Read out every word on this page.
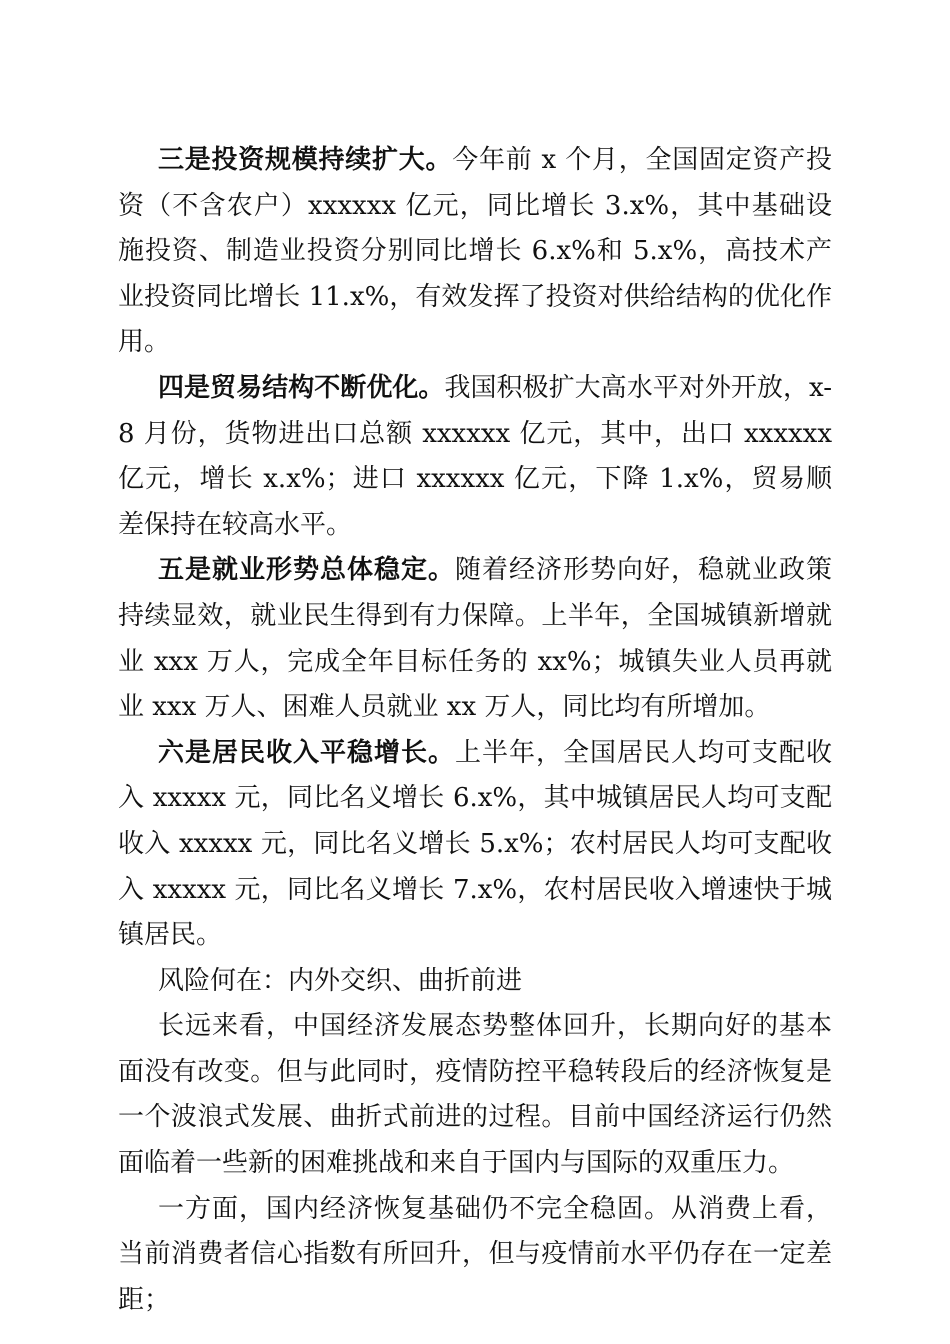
三是投资规模持续扩大。今年前 x 个月，全国固定资产投资（不含农户）xxxxxx 亿元，同比增长 3.x%，其中基础设施投资、制造业投资分别同比增长 6.x%和 5.x%，高技术产业投资同比增长 11.x%，有效发挥了投资对供给结构的优化作用。

四是贸易结构不断优化。我国积极扩大高水平对外开放，x-8 月份，货物进出口总额 xxxxxx 亿元，其中，出口 xxxxxx 亿元，增长 x.x%；进口 xxxxxx 亿元，下降 1.x%，贸易顺差保持在较高水平。

五是就业形势总体稳定。随着经济形势向好，稳就业政策持续显效，就业民生得到有力保障。上半年，全国城镇新增就业 xxx 万人，完成全年目标任务的 xx%；城镇失业人员再就业 xxx 万人、困难人员就业 xx 万人，同比均有所增加。

六是居民收入平稳增长。上半年，全国居民人均可支配收入 xxxxx 元，同比名义增长 6.x%，其中城镇居民人均可支配收入 xxxxx 元，同比名义增长 5.x%；农村居民人均可支配收入 xxxxx 元，同比名义增长 7.x%，农村居民收入增速快于城镇居民。

风险何在：内外交织、曲折前进

长远来看，中国经济发展态势整体回升，长期向好的基本面没有改变。但与此同时，疫情防控平稳转段后的经济恢复是一个波浪式发展、曲折式前进的过程。目前中国经济运行仍然面临着一些新的困难挑战和来自于国内与国际的双重压力。

一方面，国内经济恢复基础仍不完全稳固。从消费上看，当前消费者信心指数有所回升，但与疫情前水平仍存在一定差距；
